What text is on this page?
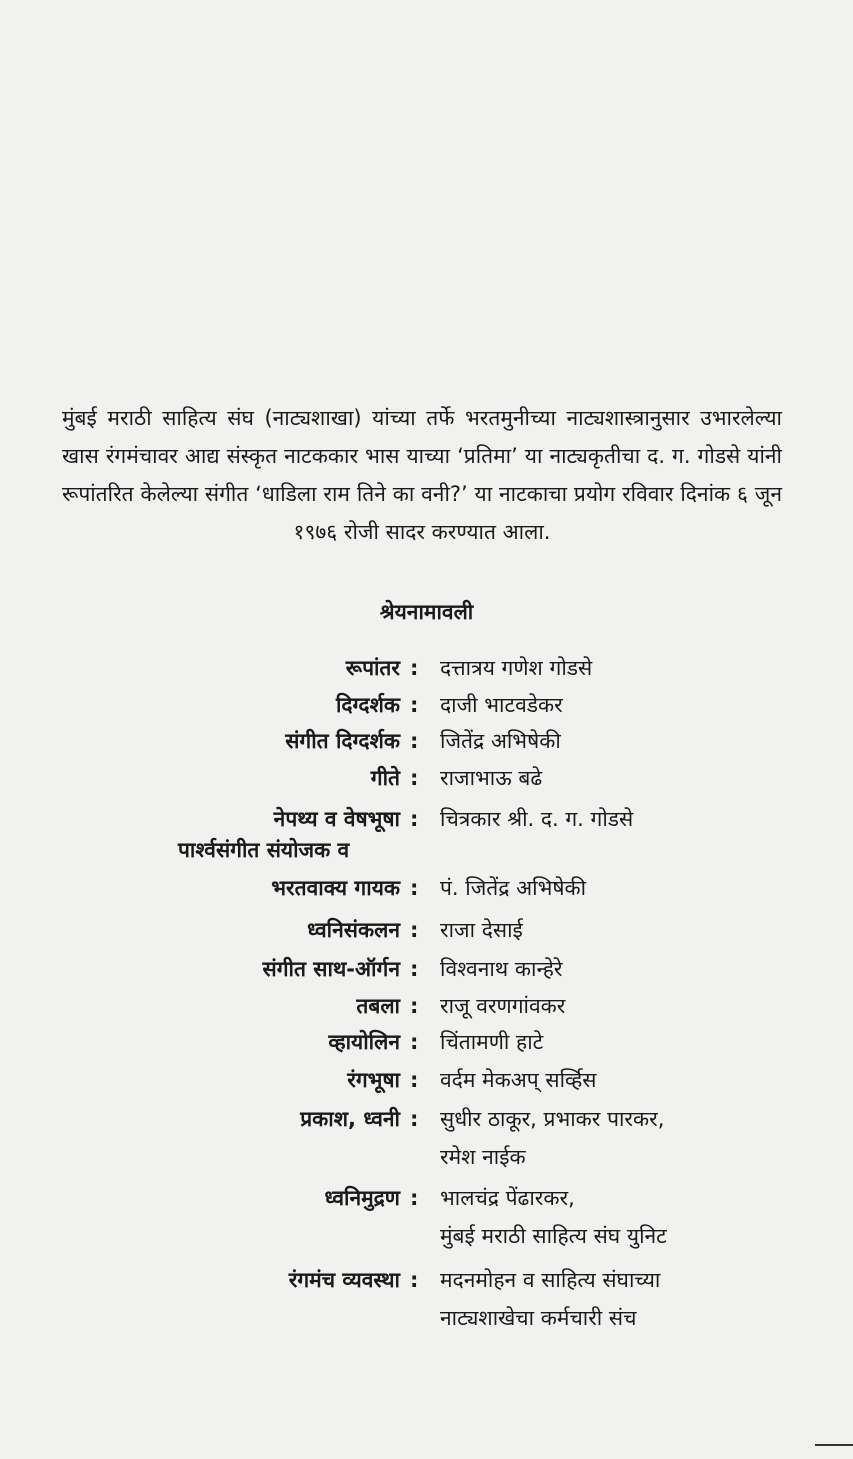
मुंबई मराठी साहित्य संघ (नाट्यशाखा) यांच्या तर्फे भरतमुनीच्या नाट्यशास्त्रानुसार उभारलेल्या खास रंगमंचावर आद्य संस्कृत नाटककार भास याच्या ‘प्रतिमा’ या नाट्यकृतीचा द. ग. गोडसे यांनी रूपांतरित केलेल्या संगीत ‘धाडिला राम तिने का वनी?’ या नाटकाचा प्रयोग रविवार दिनांक ६ जून १९७६ रोजी सादर करण्यात आला.

श्रेयनामावली
रूपांतर : दत्तात्रय गणेश गोडसे
दिग्दर्शक : दाजी भाटवडेकर
संगीत दिग्दर्शक : जितेंद्र अभिषेकी
गीते : राजाभाऊ बढे
नेपथ्य व वेषभूषा : चित्रकार श्री. द. ग. गोडसे
पार्श्वसंगीत संयोजक व
भरतवाक्य गायक : पं. जितेंद्र अभिषेकी
ध्वनिसंकलन : राजा देसाई
संगीत साथ-ऑर्गन : विश्वनाथ कान्हेरे
तबला : राजू वरणगांवकर
व्हायोलिन : चिंतामणी हाटे
रंगभूषा : वर्दम मेकअप् सर्व्हिस
प्रकाश, ध्वनी : सुधीर ठाकूर, प्रभाकर पारकर,
रमेश नाईक
ध्वनिमुद्रण : भालचंद्र पेंढारकर,
मुंबई मराठी साहित्य संघ युनिट
रंगमंच व्यवस्था : मदनमोहन व साहित्य संघाच्या
नाट्यशाखेचा कर्मचारी संच
